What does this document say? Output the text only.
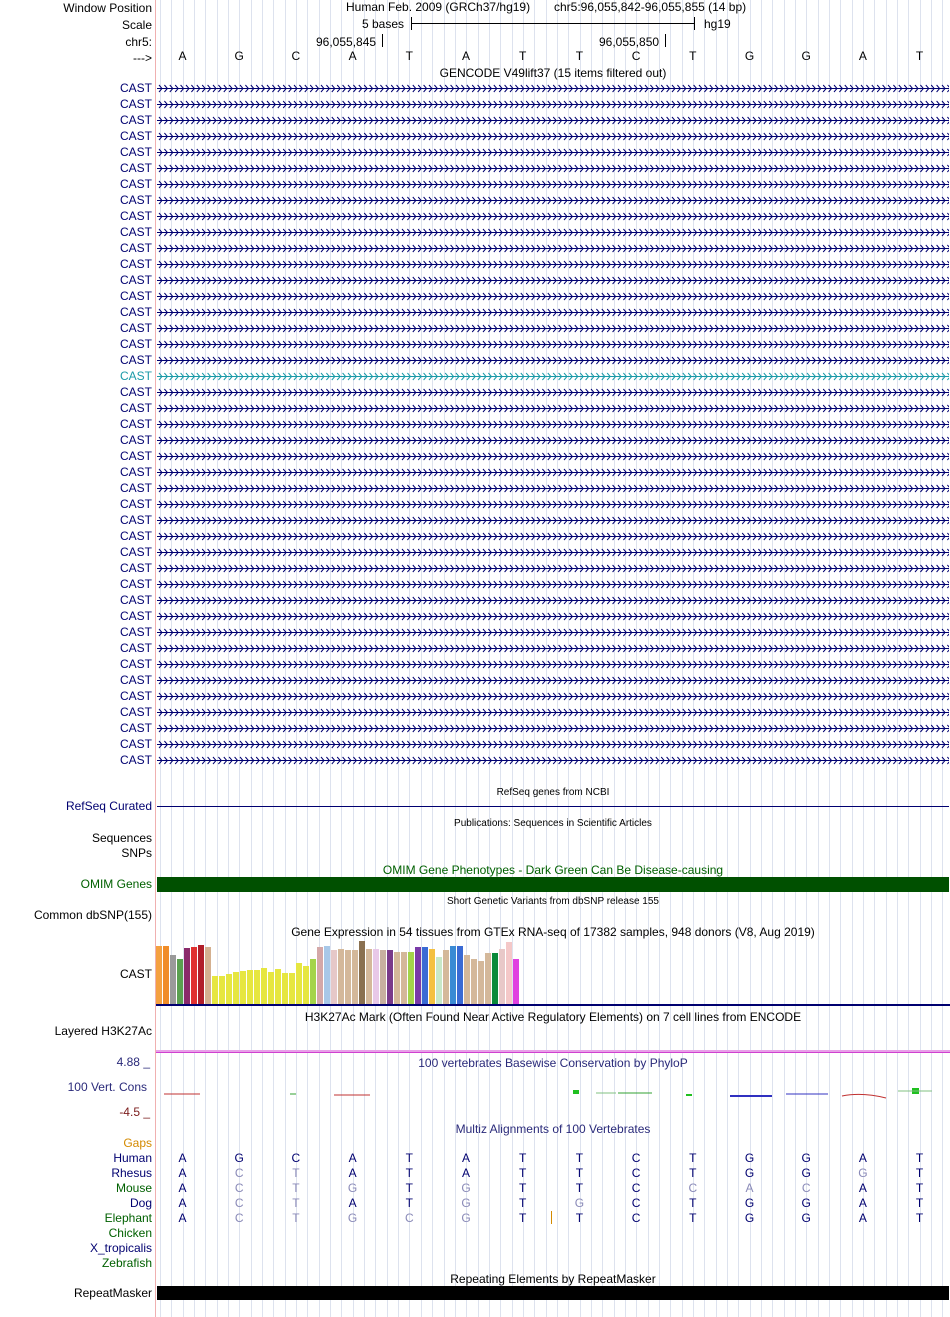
Window Position
Scale
chr5:
--->
Human Feb. 2009 (GRCh37/hg19) chr5:96,055,842-96,055,855 (14 bp)
5 bases	hg19
96,055,845	96,055,850
A	G	C	A	T	A	T	T	C	T	G	G	A	T
GENCODE V49lift37 (15 items filtered out)
CAST
CAST
CAST
CAST
CAST
CAST
CAST
CAST
CAST
CAST
CAST
CAST
CAST
CAST
CAST
CAST
CAST
CAST
CAST
CAST
CAST
CAST
CAST
CAST
CAST
CAST
CAST
CAST
CAST
CAST
CAST
CAST
CAST
CAST
CAST
CAST
CAST
CAST
CAST
CAST
CAST
CAST
CAST
RefSeq genes from NCBI
RefSeq Curated
Publications: Sequences in Scientific Articles
Sequences
SNPs
OMIM Gene Phenotypes - Dark Green Can Be Disease-causing
OMIM Genes
Short Genetic Variants from dbSNP release 155
Common dbSNP(155)
Gene Expression in 54 tissues from GTEx RNA-seq of 17382 samples, 948 donors (V8, Aug 2019)
CAST
H3K27Ac Mark (Often Found Near Active Regulatory Elements) on 7 cell lines from ENCODE
Layered H3K27Ac
100 vertebrates Basewise Conservation by PhyloP
4.88 _
100 Vert. Cons
-4.5 _
Multiz Alignments of 100 Vertebrates
Gaps
Human	A	G	C	A	T	A	T	T	C	T	G	G	A	T
Rhesus	A	C	T	A	T	A	T	T	C	T	G	G	G	T
Mouse	A	C	T	G	T	G	T	T	C	C	A	C	A	T
Dog	A	C	T	A	T	G	T	G	C	T	G	G	A	T
Elephant	A	C	T	G	C	G	T	T	C	T	G	G	A	T
Chicken
X_tropicalis
Zebrafish
Repeating Elements by RepeatMasker
RepeatMasker
